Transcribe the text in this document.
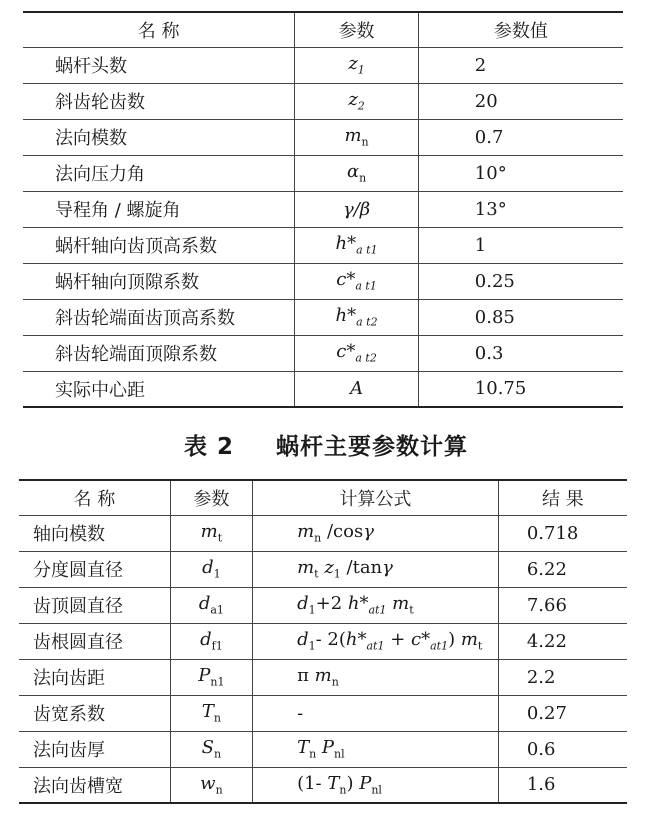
名 称	参数	参数值
蜗杆头数	$z_1$	2
斜齿轮齿数	$z_2$	20
法向模数	$m_n$	0.7
法向压力角	$\alpha_n$	10°
导程角 / 螺旋角	γ/β	13°
蜗杆轴向齿顶高系数	$h*_{a t1}$	1
蜗杆轴向顶隙系数	$c*_{a t1}$	0.25
斜齿轮端面齿顶高系数	$h*_{a t2}$	0.85
斜齿轮端面顶隙系数	$c*_{a t2}$	0.3
实际中心距	A	10.75
表 2 蜗杆主要参数计算
名 称	参数	计算公式	结 果
轴向模数	$m_t$	$m_n$ /cosγ	0.718
分度圆直径	$d_1$	$m_t$ $z_1$ /tanγ	6.22
齿顶圆直径	$d_{a1}$	$d_1+2$ $h*_{at1}$ $m_t$	7.66
齿根圆直径	$d_{f1}$	$d_1-$ $2(h*_{at1} + c*_{at1})$ $m_t$	4.22
法向齿距	$P_{n1}$	π $m_n$	2.2
齿宽系数	$T_n$	-	0.27
法向齿厚	$S_n$	$T_n$ $P_{nl}$	0.6
法向齿槽宽	$w_n$	(1- $T_n$) $P_{nl}$	1.6
